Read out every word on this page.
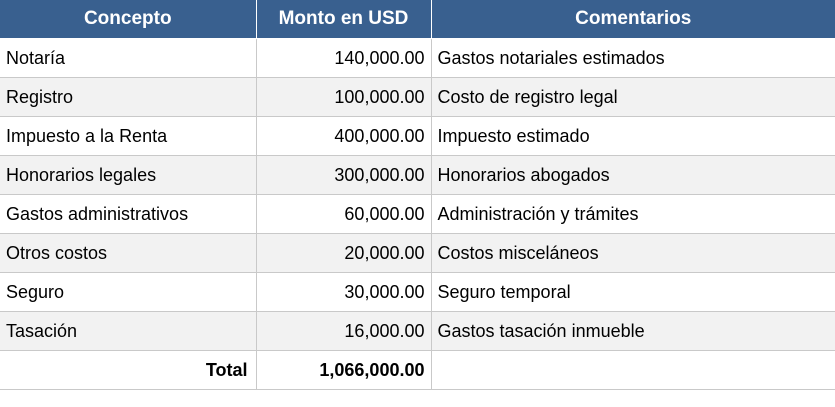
Concepto	Monto en USD	Comentarios
Notaría	140,000.00	Gastos notariales estimados
Registro	100,000.00	Costo de registro legal
Impuesto a la Renta	400,000.00	Impuesto estimado
Honorarios legales	300,000.00	Honorarios abogados
Gastos administrativos	60,000.00	Administración y trámites
Otros costos	20,000.00	Costos misceláneos
Seguro	30,000.00	Seguro temporal
Tasación	16,000.00	Gastos tasación inmueble
Total	1,066,000.00	
